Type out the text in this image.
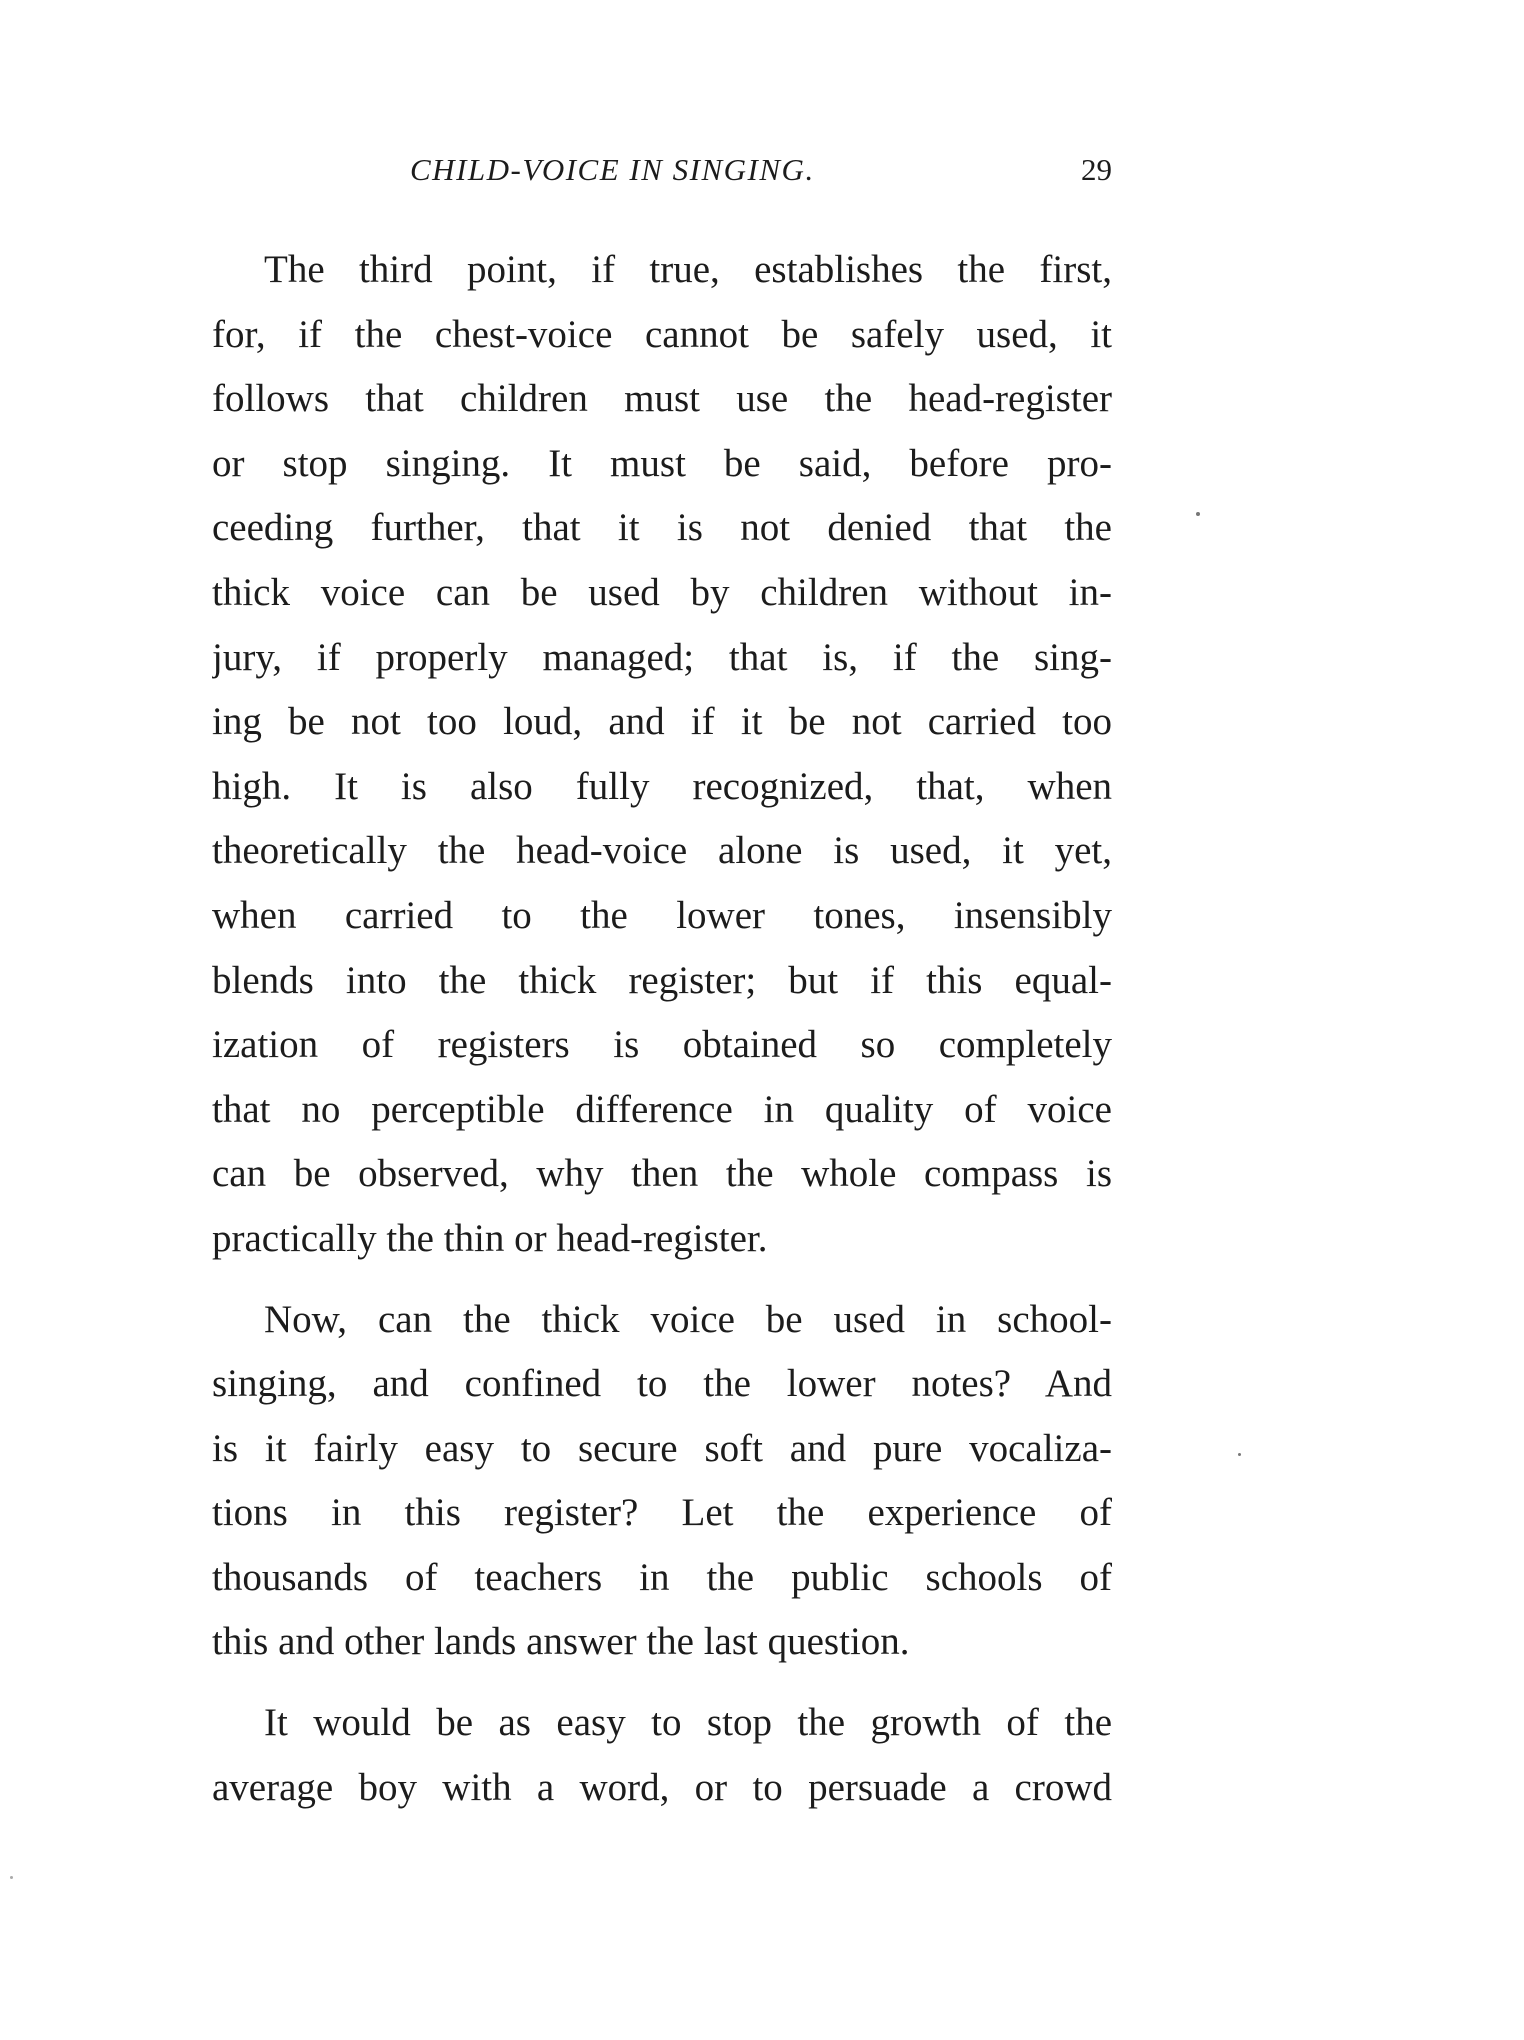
CHILD-VOICE IN SINGING.	29

The third point, if true, establishes the first,
for, if the chest-voice cannot be safely used, it
follows that children must use the head-register
or stop singing. It must be said, before pro-
ceeding further, that it is not denied that the
thick voice can be used by children without in-
jury, if properly managed; that is, if the sing-
ing be not too loud, and if it be not carried too
high. It is also fully recognized, that, when
theoretically the head-voice alone is used, it yet,
when carried to the lower tones, insensibly
blends into the thick register; but if this equal-
ization of registers is obtained so completely
that no perceptible difference in quality of voice
can be observed, why then the whole compass is
practically the thin or head-register.

Now, can the thick voice be used in school-
singing, and confined to the lower notes? And
is it fairly easy to secure soft and pure vocaliza-
tions in this register? Let the experience of
thousands of teachers in the public schools of
this and other lands answer the last question.

It would be as easy to stop the growth of the
average boy with a word, or to persuade a crowd
